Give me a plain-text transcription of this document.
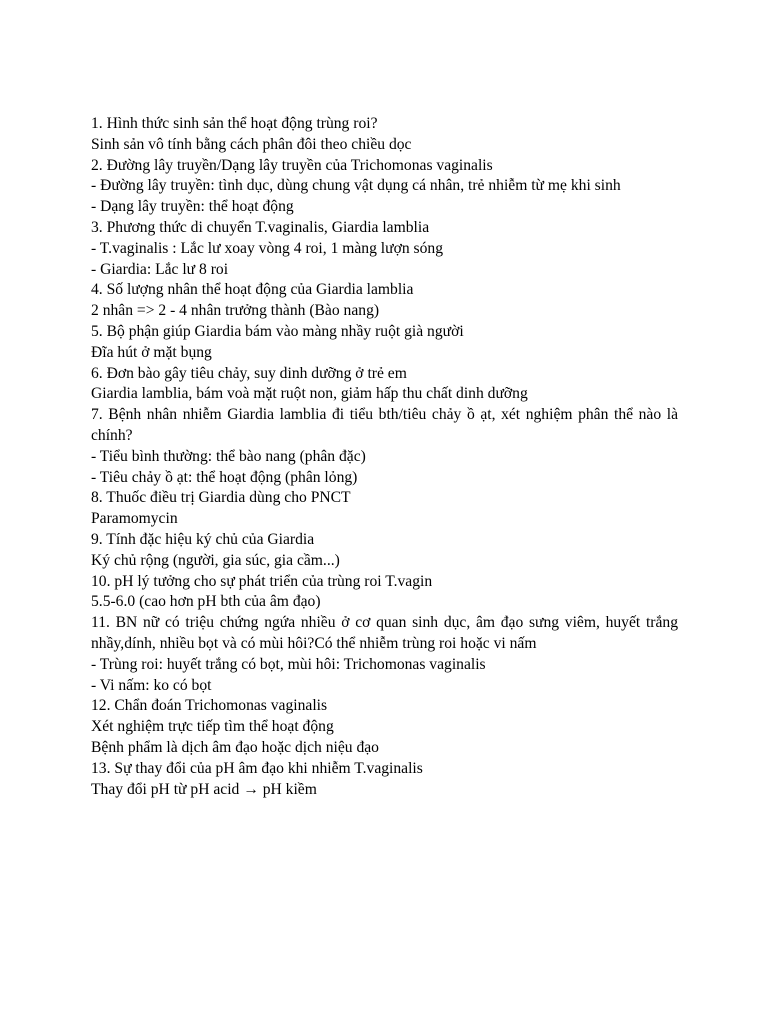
1. Hình thức sinh sản thể hoạt động trùng roi?
Sinh sản vô tính bằng cách phân đôi theo chiều dọc
2. Đường lây truyền/Dạng lây truyền của Trichomonas vaginalis
- Đường lây truyền: tình dục, dùng chung vật dụng cá nhân, trẻ nhiễm từ mẹ khi sinh
- Dạng lây truyền: thể hoạt động
3. Phương thức di chuyển T.vaginalis, Giardia lamblia
- T.vaginalis : Lắc lư xoay vòng 4 roi, 1 màng lượn sóng
- Giardia: Lắc lư 8 roi
4. Số lượng nhân thể hoạt động của Giardia lamblia
2 nhân => 2 - 4 nhân trưởng thành (Bào nang)
5. Bộ phận giúp Giardia bám vào màng nhầy ruột già người
Đĩa hút ở mặt bụng
6. Đơn bào gây tiêu chảy, suy dinh dưỡng ở trẻ em
Giardia lamblia, bám voà mặt ruột non, giảm hấp thu chất dinh dưỡng
7. Bệnh nhân nhiễm Giardia lamblia đi tiểu bth/tiêu chảy ồ ạt, xét nghiệm phân thể nào là chính?
- Tiểu bình thường: thể bào nang (phân đặc)
- Tiêu chảy ồ ạt: thể hoạt động (phân lỏng)
8. Thuốc điều trị Giardia dùng cho PNCT
Paramomycin
9. Tính đặc hiệu ký chủ của Giardia
Ký chủ rộng (người, gia súc, gia cầm...)
10. pH lý tưởng cho sự phát triển của trùng roi T.vagin
5.5-6.0 (cao hơn pH bth của âm đạo)
11. BN nữ có triệu chứng ngứa nhiều ở cơ quan sinh dục, âm đạo sưng viêm, huyết trắng nhầy,dính, nhiều bọt và có mùi hôi?Có thể nhiễm trùng roi hoặc vi nấm
- Trùng roi: huyết trắng có bọt, mùi hôi: Trichomonas vaginalis
- Vi nấm: ko có bọt
12. Chẩn đoán Trichomonas vaginalis
Xét nghiệm trực tiếp tìm thể hoạt động
Bệnh phẩm là dịch âm đạo hoặc dịch niệu đạo
13. Sự thay đổi của pH âm đạo khi nhiễm T.vaginalis
Thay đổi pH từ pH acid → pH kiềm
